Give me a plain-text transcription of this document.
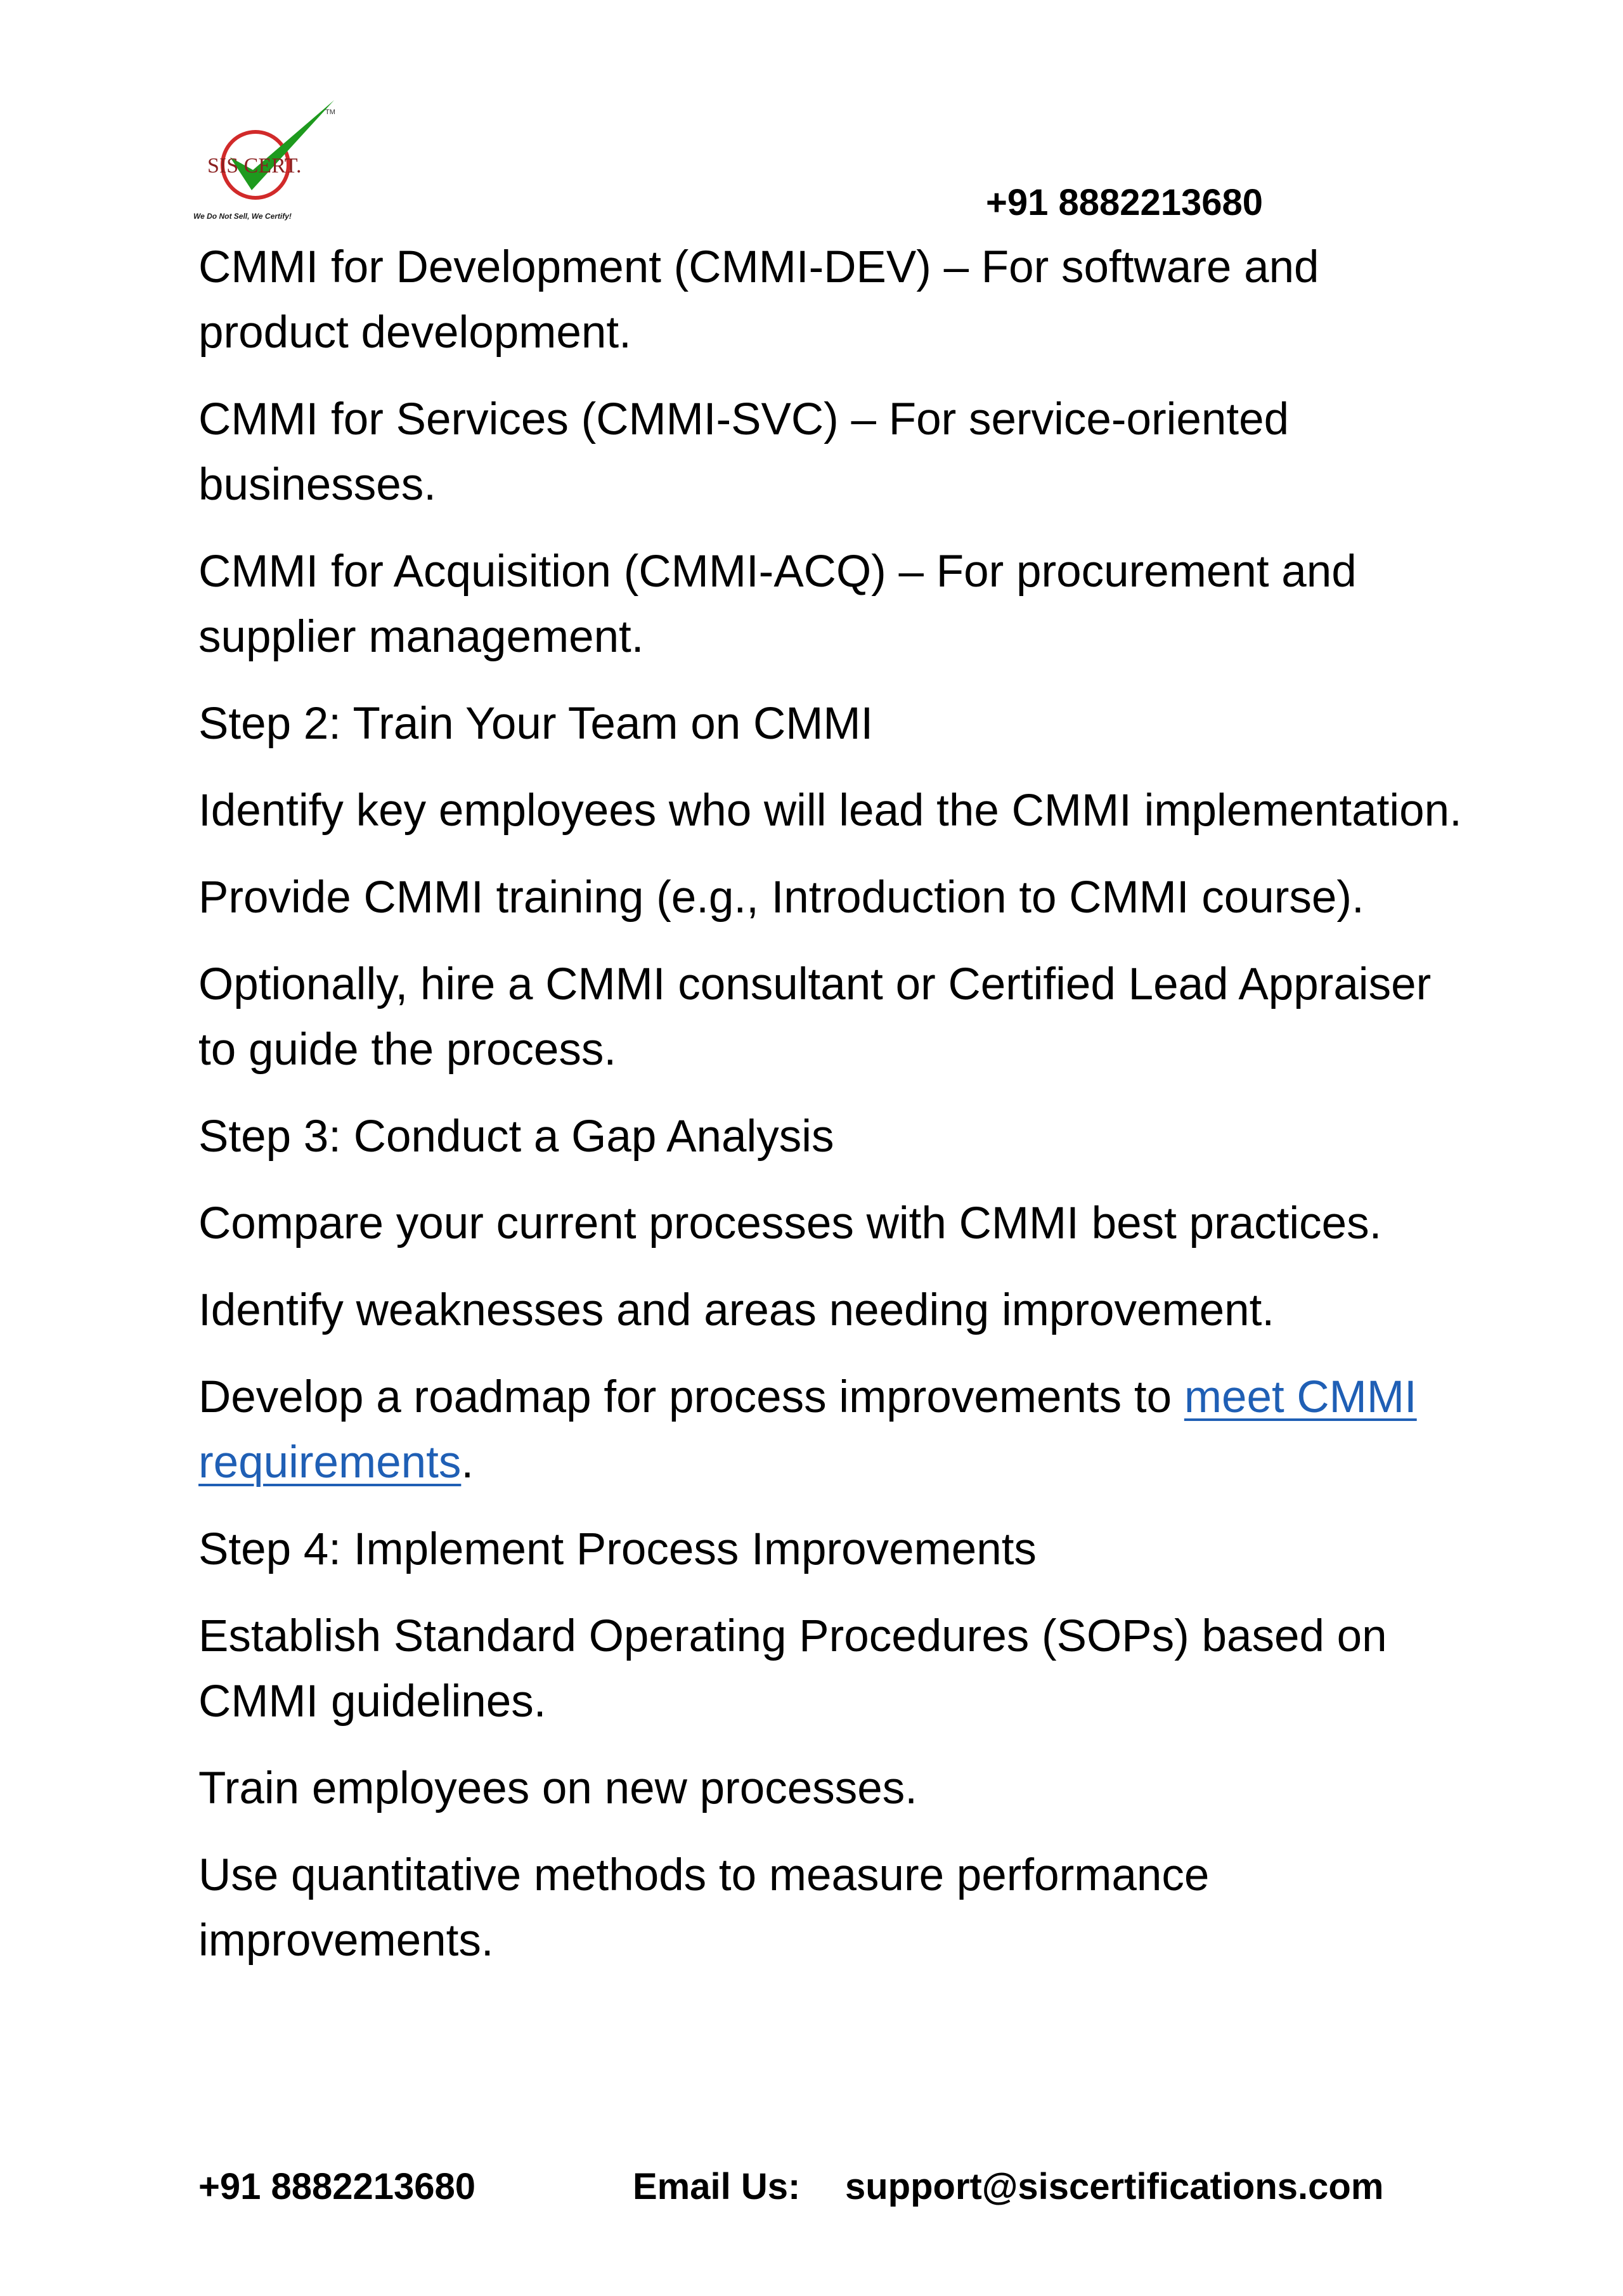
SIS CERT.
TM
We Do Not Sell, We Certify!	+91 8882213680

CMMI for Development (CMMI-DEV) – For software and product development.

CMMI for Services (CMMI-SVC) – For service-oriented businesses.

CMMI for Acquisition (CMMI-ACQ) – For procurement and supplier management.

Step 2: Train Your Team on CMMI

Identify key employees who will lead the CMMI implementation.

Provide CMMI training (e.g., Introduction to CMMI course).

Optionally, hire a CMMI consultant or Certified Lead Appraiser to guide the process.

Step 3: Conduct a Gap Analysis

Compare your current processes with CMMI best practices.

Identify weaknesses and areas needing improvement.

Develop a roadmap for process improvements to meet CMMI requirements.

Step 4: Implement Process Improvements

Establish Standard Operating Procedures (SOPs) based on CMMI guidelines.

Train employees on new processes.

Use quantitative methods to measure performance improvements.

+91 8882213680	Email Us: support@siscertifications.com
